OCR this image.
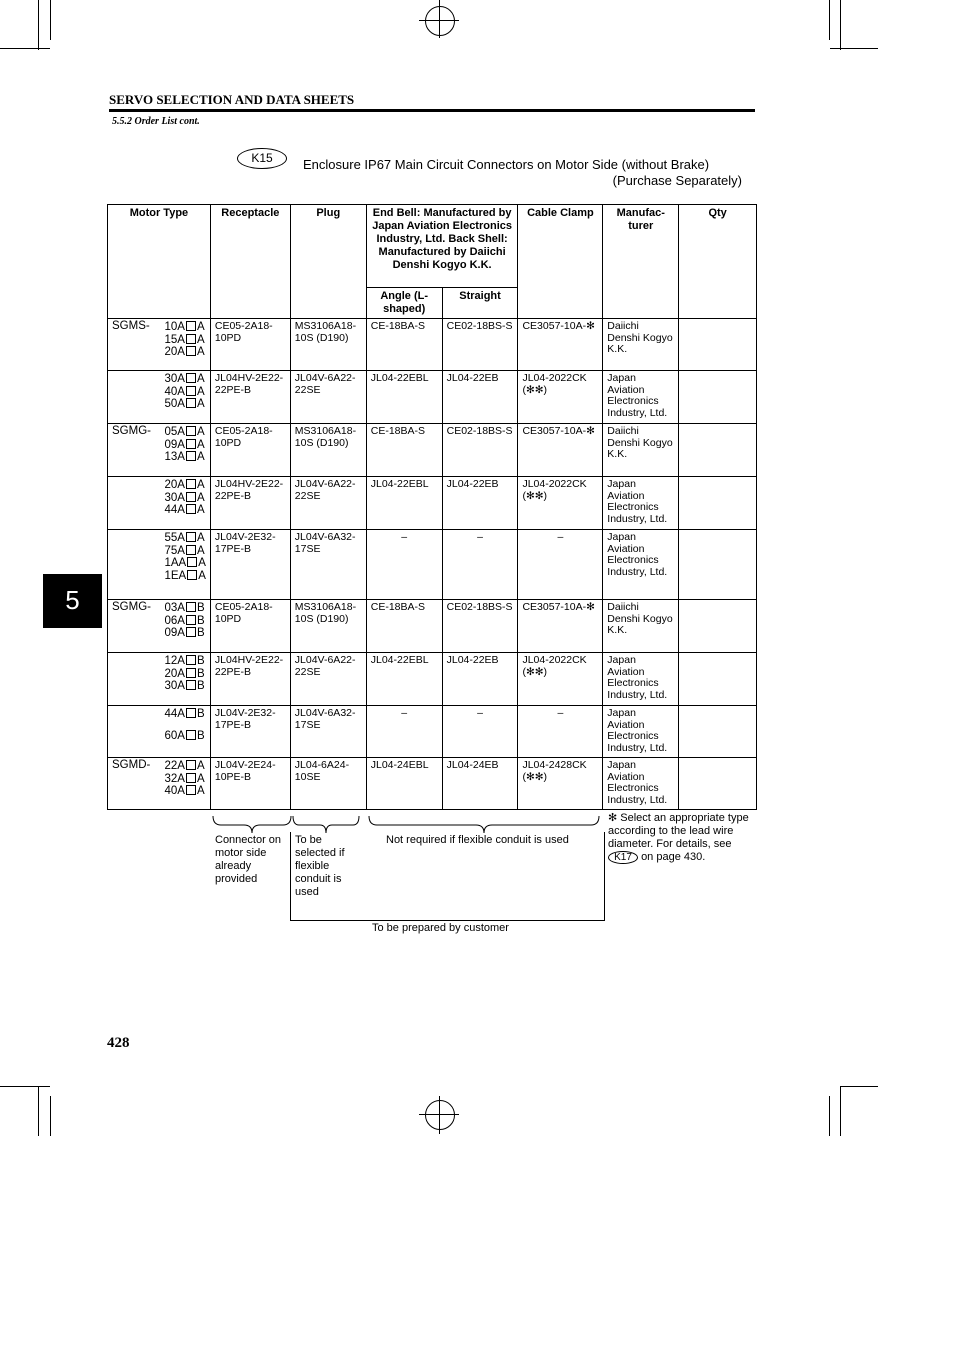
SERVO SELECTION AND DATA SHEETS
5.5.2 Order List cont.
K15	Enclosure IP67 Main Circuit Connectors on Motor Side (without Brake)
(Purchase Separately)
5
Motor Type		Receptacle	Plug	End Bell: Manufactured by Japan Aviation Electronics Industry, Ltd. Back Shell: Manufactured by Daiichi Denshi Kogyo K.K.		Cable Clamp	Manufac- turer	Qty
				Angle (L-shaped)	Straight			
SGMS-	10A A
15A A
20A A	CE05-2A18-10PD	MS3106A18-10S (D190)	CE-18BA-S	CE02-18BS-S	CE3057-10A-✻	Daiichi Denshi Kogyo K.K.	

	30A A
40A A
50A A	JL04HV-2E22-22PE-B	JL04V-6A22-22SE	JL04-22EBL	JL04-22EB	JL04-2022CK (✻✻)	Japan Aviation Electronics Industry, Ltd.	
SGMG-	05A A
09A A
13A A	CE05-2A18-10PD	MS3106A18-10S (D190)	CE-18BA-S	CE02-18BS-S	CE3057-10A-✻	Daiichi Denshi Kogyo K.K.	

	20A A
30A A
44A A	JL04HV-2E22-22PE-B	JL04V-6A22-22SE	JL04-22EBL	JL04-22EB	JL04-2022CK (✻✻)	Japan Aviation Electronics Industry, Ltd.	

	55A A
75A A
1AA A
1EA A	JL04V-2E32-17PE-B	JL04V-6A32-17SE	–	–	–	Japan Aviation Electronics Industry, Ltd.	
SGMG-	03A B
06A B
09A B	CE05-2A18-10PD	MS3106A18-10S (D190)	CE-18BA-S	CE02-18BS-S	CE3057-10A-✻	Daiichi Denshi Kogyo K.K.	

	12A B
20A B
30A B	JL04HV-2E22-22PE-B	JL04V-6A22-22SE	JL04-22EBL	JL04-22EB	JL04-2022CK (✻✻)	Japan Aviation Electronics Industry, Ltd.	

	44A B
60A B	JL04V-2E32-17PE-B	JL04V-6A32-17SE	–	–	–	Japan Aviation Electronics Industry, Ltd.	
SGMD-	22A A
32A A
40A A	JL04V-2E24-10PE-B	JL04-6A24-10SE	JL04-24EBL	JL04-24EB	JL04-2428CK (✻✻)	Japan Aviation Electronics Industry, Ltd.	
Connector on motor side already provided
To be selected if flexible conduit is used
Not required if flexible conduit is used
✻ Select an appropriate type according to the lead wire diameter. For details, see K17 on page 430.
To be prepared by customer
428
